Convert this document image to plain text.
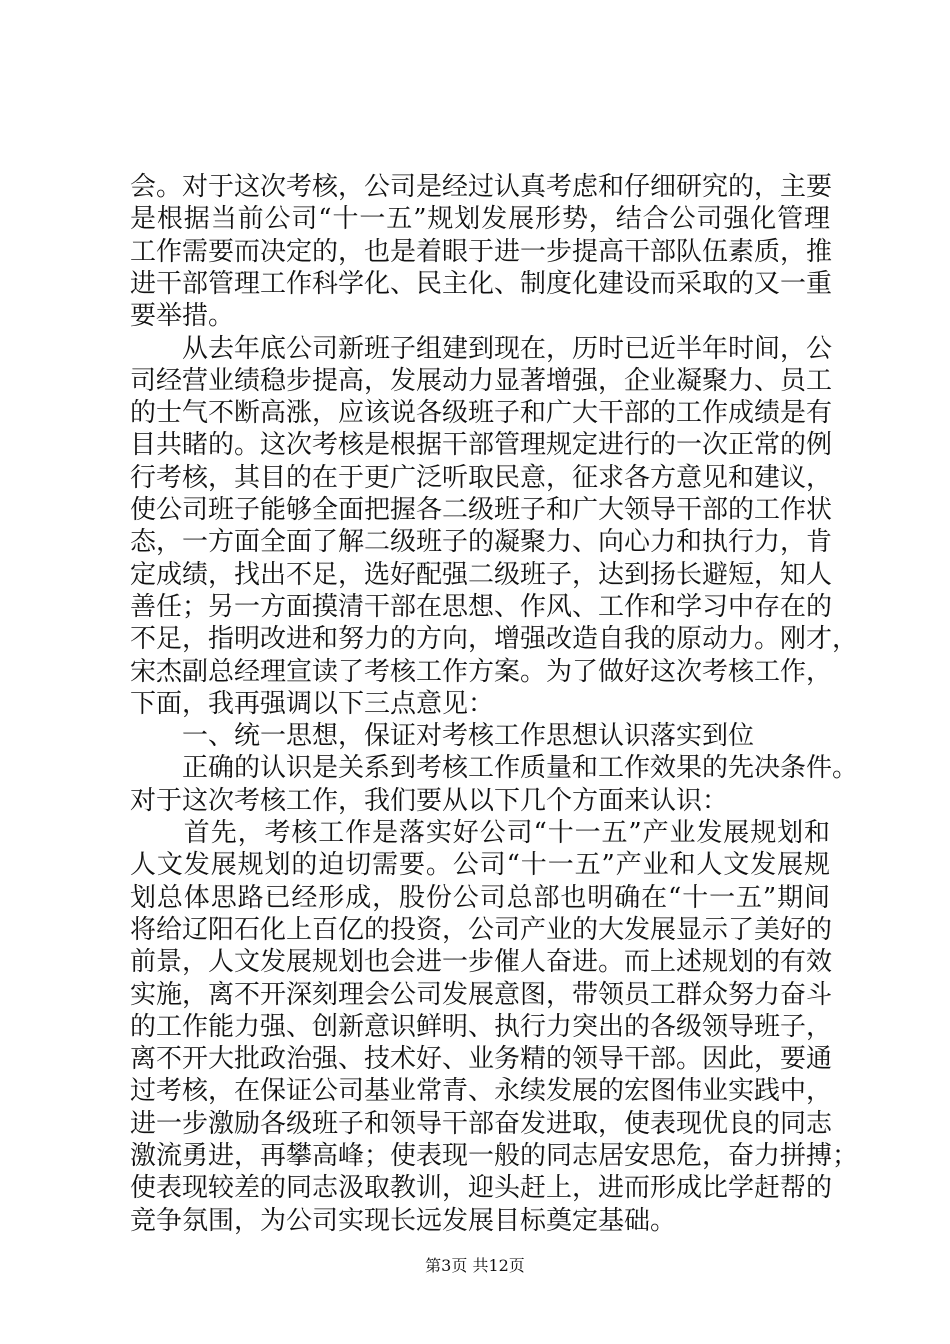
会。对于这次考核，公司是经过认真考虑和仔细研究的，主要
是根据当前公司“十一五”规划发展形势，结合公司强化管理
工作需要而决定的，也是着眼于进一步提高干部队伍素质，推
进干部管理工作科学化、民主化、制度化建设而采取的又一重
要举措。
　　从去年底公司新班子组建到现在，历时已近半年时间，公
司经营业绩稳步提高，发展动力显著增强，企业凝聚力、员工
的士气不断高涨，应该说各级班子和广大干部的工作成绩是有
目共睹的。这次考核是根据干部管理规定进行的一次正常的例
行考核，其目的在于更广泛听取民意，征求各方意见和建议，
使公司班子能够全面把握各二级班子和广大领导干部的工作状
态，一方面全面了解二级班子的凝聚力、向心力和执行力，肯
定成绩，找出不足，选好配强二级班子，达到扬长避短，知人
善任；另一方面摸清干部在思想、作风、工作和学习中存在的
不足，指明改进和努力的方向，增强改造自我的原动力。刚才，
宋杰副总经理宣读了考核工作方案。为了做好这次考核工作，
下面，我再强调以下三点意见：
　　一、统一思想，保证对考核工作思想认识落实到位
　　正确的认识是关系到考核工作质量和工作效果的先决条件。
对于这次考核工作，我们要从以下几个方面来认识：
　　首先，考核工作是落实好公司“十一五”产业发展规划和
人文发展规划的迫切需要。公司“十一五”产业和人文发展规
划总体思路已经形成，股份公司总部也明确在“十一五”期间
将给辽阳石化上百亿的投资，公司产业的大发展显示了美好的
前景，人文发展规划也会进一步催人奋进。而上述规划的有效
实施，离不开深刻理会公司发展意图，带领员工群众努力奋斗
的工作能力强、创新意识鲜明、执行力突出的各级领导班子，
离不开大批政治强、技术好、业务精的领导干部。因此，要通
过考核，在保证公司基业常青、永续发展的宏图伟业实践中，
进一步激励各级班子和领导干部奋发进取，使表现优良的同志
激流勇进，再攀高峰；使表现一般的同志居安思危，奋力拼搏；
使表现较差的同志汲取教训，迎头赶上，进而形成比学赶帮的
竞争氛围，为公司实现长远发展目标奠定基础。
第3页 共12页
